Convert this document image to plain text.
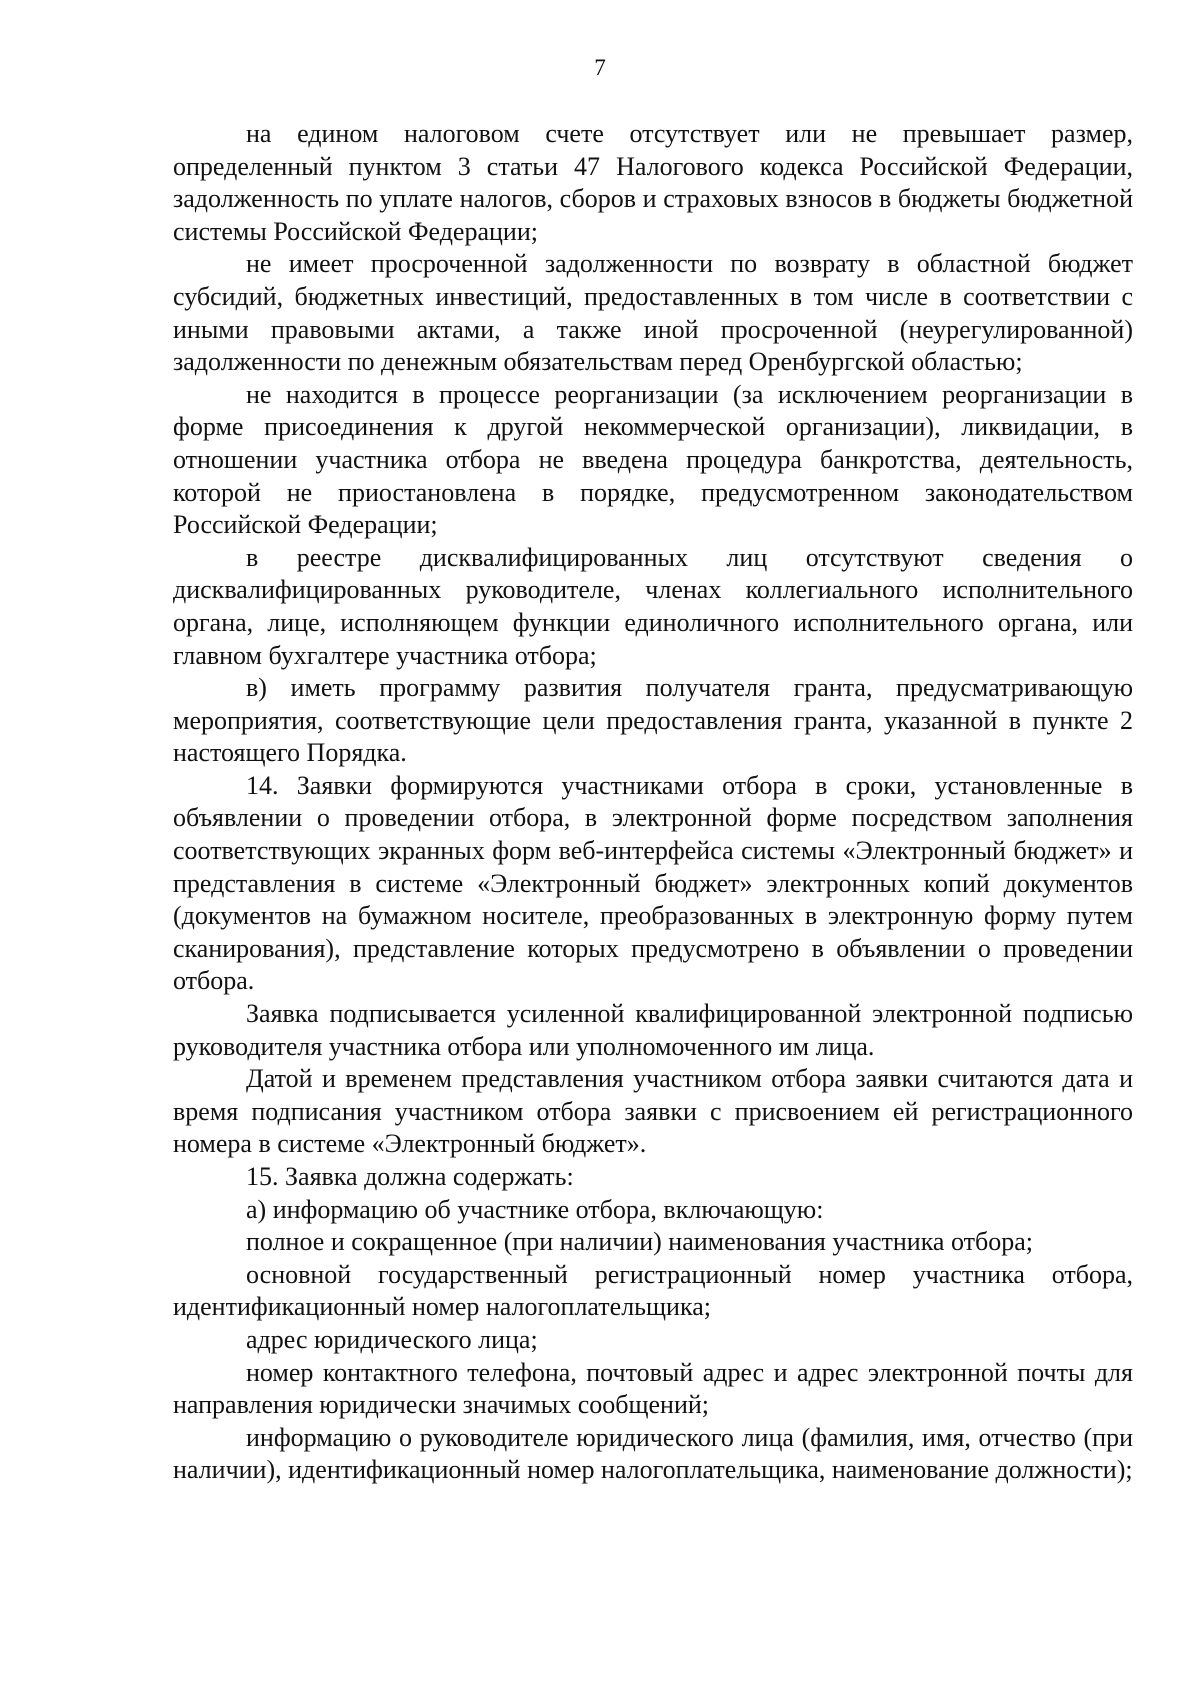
7

на едином налоговом счете отсутствует или не превышает размер, определенный пунктом 3 статьи 47 Налогового кодекса Российской Федерации, задолженность по уплате налогов, сборов и страховых взносов в бюджеты бюджетной системы Российской Федерации;

не имеет просроченной задолженности по возврату в областной бюджет субсидий, бюджетных инвестиций, предоставленных в том числе в соответствии с иными правовыми актами, а также иной просроченной (неурегулированной) задолженности по денежным обязательствам перед Оренбургской областью;

не находится в процессе реорганизации (за исключением реорганизации в форме присоединения к другой некоммерческой организации), ликвидации, в отношении участника отбора не введена процедура банкротства, деятельность, которой не приостановлена в порядке, предусмотренном законодательством Российской Федерации;

в реестре дисквалифицированных лиц отсутствуют сведения о дисквалифицированных руководителе, членах коллегиального исполнительного органа, лице, исполняющем функции единоличного исполнительного органа, или главном бухгалтере участника отбора;

в) иметь программу развития получателя гранта, предусматривающую мероприятия, соответствующие цели предоставления гранта, указанной в пункте 2 настоящего Порядка.

14. Заявки формируются участниками отбора в сроки, установленные в объявлении о проведении отбора, в электронной форме посредством заполнения соответствующих экранных форм веб-интерфейса системы «Электронный бюджет» и представления в системе «Электронный бюджет» электронных копий документов (документов на бумажном носителе, преобразованных в электронную форму путем сканирования), представление которых предусмотрено в объявлении о проведении отбора.

Заявка подписывается усиленной квалифицированной электронной подписью руководителя участника отбора или уполномоченного им лица.

Датой и временем представления участником отбора заявки считаются дата и время подписания участником отбора заявки с присвоением ей регистрационного номера в системе «Электронный бюджет».

15. Заявка должна содержать:

а) информацию об участнике отбора, включающую:

полное и сокращенное (при наличии) наименования участника отбора;

основной государственный регистрационный номер участника отбора, идентификационный номер налогоплательщика;

адрес юридического лица;

номер контактного телефона, почтовый адрес и адрес электронной почты для направления юридически значимых сообщений;

информацию о руководителе юридического лица (фамилия, имя, отчество (при наличии), идентификационный номер налогоплательщика, наименование должности);
